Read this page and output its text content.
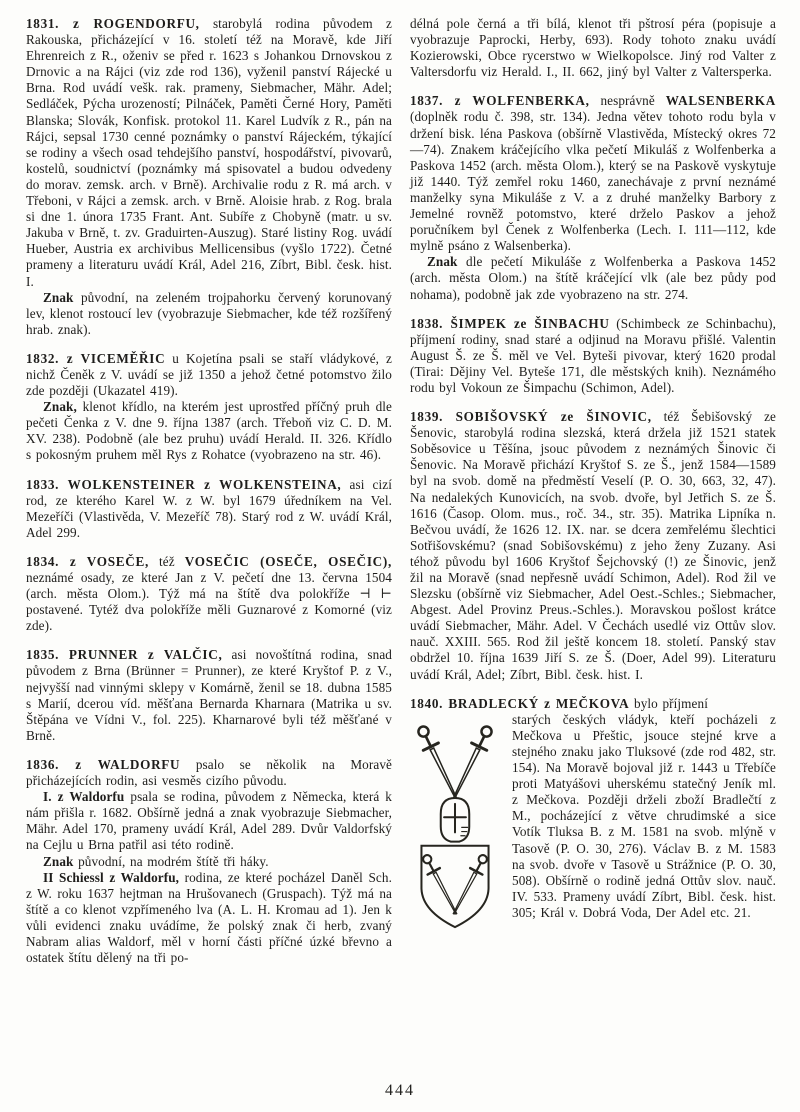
1831. z ROGENDORFU, starobylá rodina původem z Rakouska, přicházející v 16. století též na Moravě, kde Jiří Ehrenreich z R., oženiv se před r. 1623 s Johankou Drnovskou z Drnovic a na Rájci (viz zde rod 136), vyženil panství Rájecké u Brna. Rod uvádí vešk. rak. prameny, Siebmacher, Mähr. Adel; Sedláček, Pýcha urozeností; Pilnáček, Paměti Černé Hory, Paměti Blanska; Slovák, Konfisk. protokol 11. Karel Ludvík z R., pán na Rájci, sepsal 1730 cenné poznámky o panství Rájeckém, týkající se rodiny a všech osad tehdejšího panství, hospodářství, pivovarů, kostelů, soudnictví (poznámky má spisovatel a budou odvedeny do morav. zemsk. arch. v Brně). Archivalie rodu z R. má arch. v Třeboni, v Rájci a zemsk. arch. v Brně. Aloisie hrab. z Rog. brala si dne 1. února 1735 Frant. Ant. Subíře z Chobyně (matr. u sv. Jakuba v Brně, t. zv. Graduirten-Auszug). Staré listiny Rog. uvádí Hueber, Austria ex archivibus Mellicensibus (vyšlo 1722). Četné prameny a literaturu uvádí Král, Adel 216, Zíbrt, Bibl. česk. hist. I.

Znak původní, na zeleném trojpahorku červený korunovaný lev, klenot rostoucí lev (vyobrazuje Siebmacher, kde též rozšířený hrab. znak).

1832. z VICEMĚŘIC u Kojetína psali se staří vládykové, z nichž Čeněk z V. uvádí se již 1350 a jehož četné potomstvo žilo zde později (Ukazatel 419).

Znak, klenot křídlo, na kterém jest uprostřed příčný pruh dle pečeti Čenka z V. dne 9. října 1387 (arch. Třeboň viz C. D. M. XV. 238). Podobně (ale bez pruhu) uvádí Herald. II. 326. Křídlo s pokosným pruhem měl Rys z Rohatce (vyobrazeno na str. 46).

1833. WOLKENSTEINER z WOLKENSTEINA, asi cizí rod, ze kterého Karel W. z W. byl 1679 úředníkem na Vel. Mezeříči (Vlastivěda, V. Mezeříč 78). Starý rod z W. uvádí Král, Adel 299.

1834. z VOSEČE, též VOSEČIC (OSEČE, OSEČIC), neznámé osady, ze které Jan z V. pečetí dne 13. června 1504 (arch. města Olom.). Týž má na štítě dva polokříže ⊣ ⊢ postavené. Tytéž dva polokříže měli Guznarové z Komorné (viz zde).

1835. PRUNNER z VALČIC, asi novoštítná rodina, snad původem z Brna (Brünner = Prunner), ze které Kryštof P. z V., nejvyšší nad vinnými sklepy v Komárně, ženil se 18. dubna 1585 s Marií, dcerou víd. měšťana Bernarda Kharnara (Matrika u sv. Štěpána ve Vídni V., fol. 225). Kharnarové byli též měšťané v Brně.

1836. z WALDORFU psalo se několik na Moravě přicházejících rodin, asi vesměs cizího původu.

I. z Waldorfu psala se rodina, původem z Německa, která k nám přišla r. 1682. Obšírně jedná a znak vyobrazuje Siebmacher, Mähr. Adel 170, prameny uvádí Král, Adel 289. Dvůr Valdorfský na Cejlu u Brna patřil asi této rodině.

Znak původní, na modrém štítě tři háky.

II Schiessl z Waldorfu, rodina, ze které pocházel Daněl Sch. z W. roku 1637 hejtman na Hrušovanech (Gruspach). Týž má na štítě a co klenot vzpřímeného lva (A. L. H. Kromau ad 1). Jen k vůli evidenci znaku uvádíme, že polský znak či herb, zvaný Nabram alias Waldorf, měl v horní části příčné úzké břevno a ostatek štítu dělený na tři po-

délná pole černá a tři bílá, klenot tři pštrosí péra (popisuje a vyobrazuje Paprocki, Herby, 693). Rody tohoto znaku uvádí Kozierowski, Obce rycerstwo w Wielkopolsce. Jiný rod Valter z Valtersdorfu viz Herald. I., II. 662, jiný byl Valter z Valtersperka.

1837. z WOLFENBERKA, nesprávně WALSENBERKA (doplněk rodu č. 398, str. 134). Jedna větev tohoto rodu byla v držení bisk. léna Paskova (obšírně Vlastivěda, Místecký okres 72—74). Znakem kráčejícího vlka pečetí Mikuláš z Wolfenberka a Paskova 1452 (arch. města Olom.), který se na Paskově vyskytuje již 1440. Týž zemřel roku 1460, zanechávaje z první neznámé manželky syna Mikuláše z V. a z druhé manželky Barbory z Jemelné rovněž potomstvo, které drželo Paskov a jehož poručníkem byl Čenek z Wolfenberka (Lech. I. 111—112, kde mylně psáno z Walsenberka).

Znak dle pečetí Mikuláše z Wolfenberka a Paskova 1452 (arch. města Olom.) na štítě kráčející vlk (ale bez půdy pod nohama), podobně jak zde vyobrazeno na str. 274.

1838. ŠIMPEK ze ŠINBACHU (Schimbeck ze Schinbachu), příjmení rodiny, snad staré a odjinud na Moravu přišlé. Valentin August Š. ze Š. měl ve Vel. Byteši pivovar, který 1620 prodal (Tirai: Dějiny Vel. Byteše 171, dle městských knih). Neznámého rodu byl Vokoun ze Šimpachu (Schimon, Adel).

1839. SOBIŠOVSKÝ ze ŠINOVIC, též Šebišovský ze Šenovic, starobylá rodina slezská, která držela již 1521 statek Soběsovice u Těšína, jsouc původem z neznámých Šinovic či Šenovic. Na Moravě přichází Kryštof S. ze Š., jenž 1584—1589 byl na svob. domě na předměstí Veselí (P. O. 30, 663, 32, 47). Na nedalekých Kunovicích, na svob. dvoře, byl Jetřich S. ze Š. 1616 (Časop. Olom. mus., roč. 34., str. 35). Matrika Lipníka n. Bečvou uvádí, že 1626 12. IX. nar. se dcera zemřelému šlechtici Sotřišovskému? (snad Sobišovskému) z jeho ženy Zuzany. Asi téhož původu byl 1606 Kryštof Šejchovský (!) ze Šinovic, jenž žil na Moravě (snad nepřesně uvádí Schimon, Adel). Rod žil ve Slezsku (obšírně viz Siebmacher, Adel Oest.-Schles.; Siebmacher, Abgest. Adel Provinz Preus.-Schles.). Moravskou pošlost krátce uvádí Siebmacher, Mähr. Adel. V Čechách usedlé viz Ottův slov. nauč. XXIII. 565. Rod žil ještě koncem 18. století. Panský stav obdržel 10. října 1639 Jiří S. ze Š. (Doer, Adel 99). Literaturu uvádí Král, Adel; Zíbrt, Bibl. česk. hist. I.

1840. BRADLECKÝ z MEČKOVA bylo příjmení

starých českých vládyk, kteří pocházeli z Mečkova u Přeštic, jsouce stejné krve a stejného znaku jako Tluksové (zde rod 482, str. 154). Na Moravě bojoval již r. 1443 u Třebíče proti Matyášovi uherskému statečný Jeník ml. z Mečkova. Později drželi zboží Bradlečtí z M., pocházející z větve chrudimské a sice Votík Tluksa B. z M. 1581 na svob. mlýně v Tasově (P. O. 30, 276). Václav B. z M. 1583 na svob. dvoře v Tasově u Strážnice (P. O. 30, 508). Obšírně o rodině jedná Ottův slov. nauč. IV. 533. Prameny uvádí Zíbrt, Bibl. česk. hist. 305; Král v. Dobrá Voda, Der Adel etc. 21.

444
